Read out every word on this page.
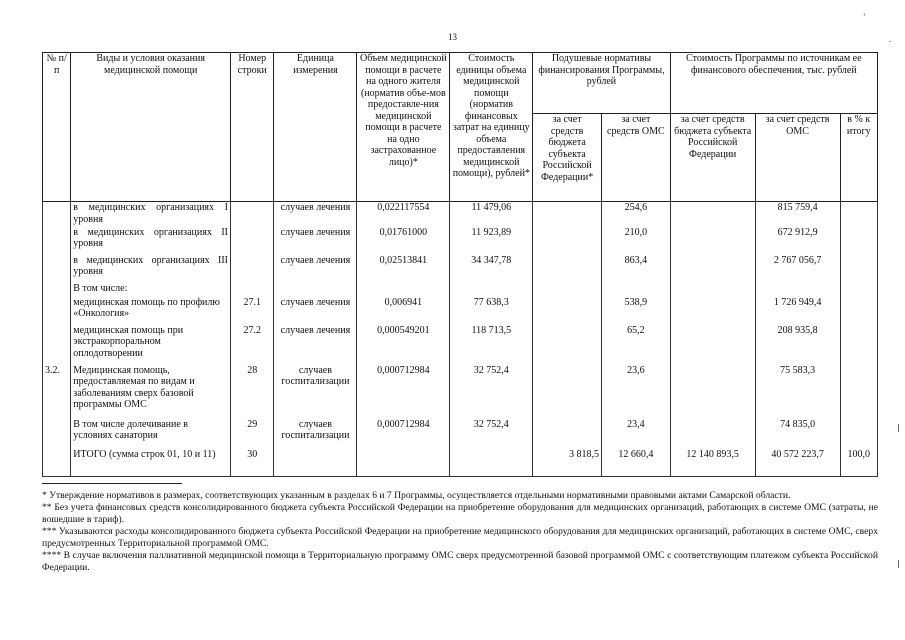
'
.
13
№ п/п	Виды и условия оказания медицинской помощи	Номер строки	Единица измерения	Объем медицинской помощи в расчете на одного жителя (норматив объе-мов предоставле-ния медицинской помощи в расчете на одно застрахованное лицо)*	Стоимость единицы объема медицинской помощи (норматив финансовых затрат на единицу объема предоставления медицинской помощи), рублей*	Подушевые нормативы финансирования Программы, рублей		Стоимость Программы по источникам ее финансового обеспечения, тыс. рублей		
						за счет средств бюджета субъекта Российской Федерации*	за счет средств ОМС	за счет средств бюджета субъекта Российской Федерации	за счет средств ОМС	в % к итогу
	в медицинских организациях I уровня		случаев лечения	0,022117554	11 479,06		254,6		815 759,4	
	в медицинских организациях II уровня		случаев лечения	0,01761000	11 923,89		210,0		672 912,9	
	в медицинских организациях III уровня		случаев лечения	0,02513841	34 347,78		863,4		2 767 056,7	
	В том числе:									
	медицинская помощь по профилю «Онкология»	27.1	случаев лечения	0,006941	77 638,3		538,9		1 726 949,4	
	медицинская помощь при экстракорпоральном оплодотворении	27.2	случаев лечения	0,000549201	118 713,5		65,2		208 935,8	
3.2.	Медицинская помощь, предоставляемая по видам и заболеваниям сверх базовой программы ОМС	28	случаев госпитализации	0,000712984	32 752,4		23,6		75 583,3	
	В том числе долечивание в условиях санатория	29	случаев госпитализации	0,000712984	32 752,4		23,4		74 835,0	
	ИТОГО (сумма строк 01, 10 и 11)	30				3 818,5	12 660,4	12 140 893,5	40 572 223,7	100,0

* Утверждение нормативов в размерах, соответствующих указанным в разделах 6 и 7 Программы, осуществляется отдельными нормативными правовыми актами Самарской области.

** Без учета финансовых средств консолидированного бюджета субъекта Российской Федерации на приобретение оборудования для медицинских организаций, работающих в системе ОМС (затраты, не вошедшие в тариф).

*** Указываются расходы консолидированного бюджета субъекта Российской Федерации на приобретение медицинского оборудования для медицинских организаций, работающих в системе ОМС, сверх предусмотренных Территориальной программой ОМС.

**** В случае включения паллиативной медицинской помощи в Территориальную программу ОМС сверх предусмотренной базовой программой ОМС с соответствующим платежом субъекта Российской Федерации.
